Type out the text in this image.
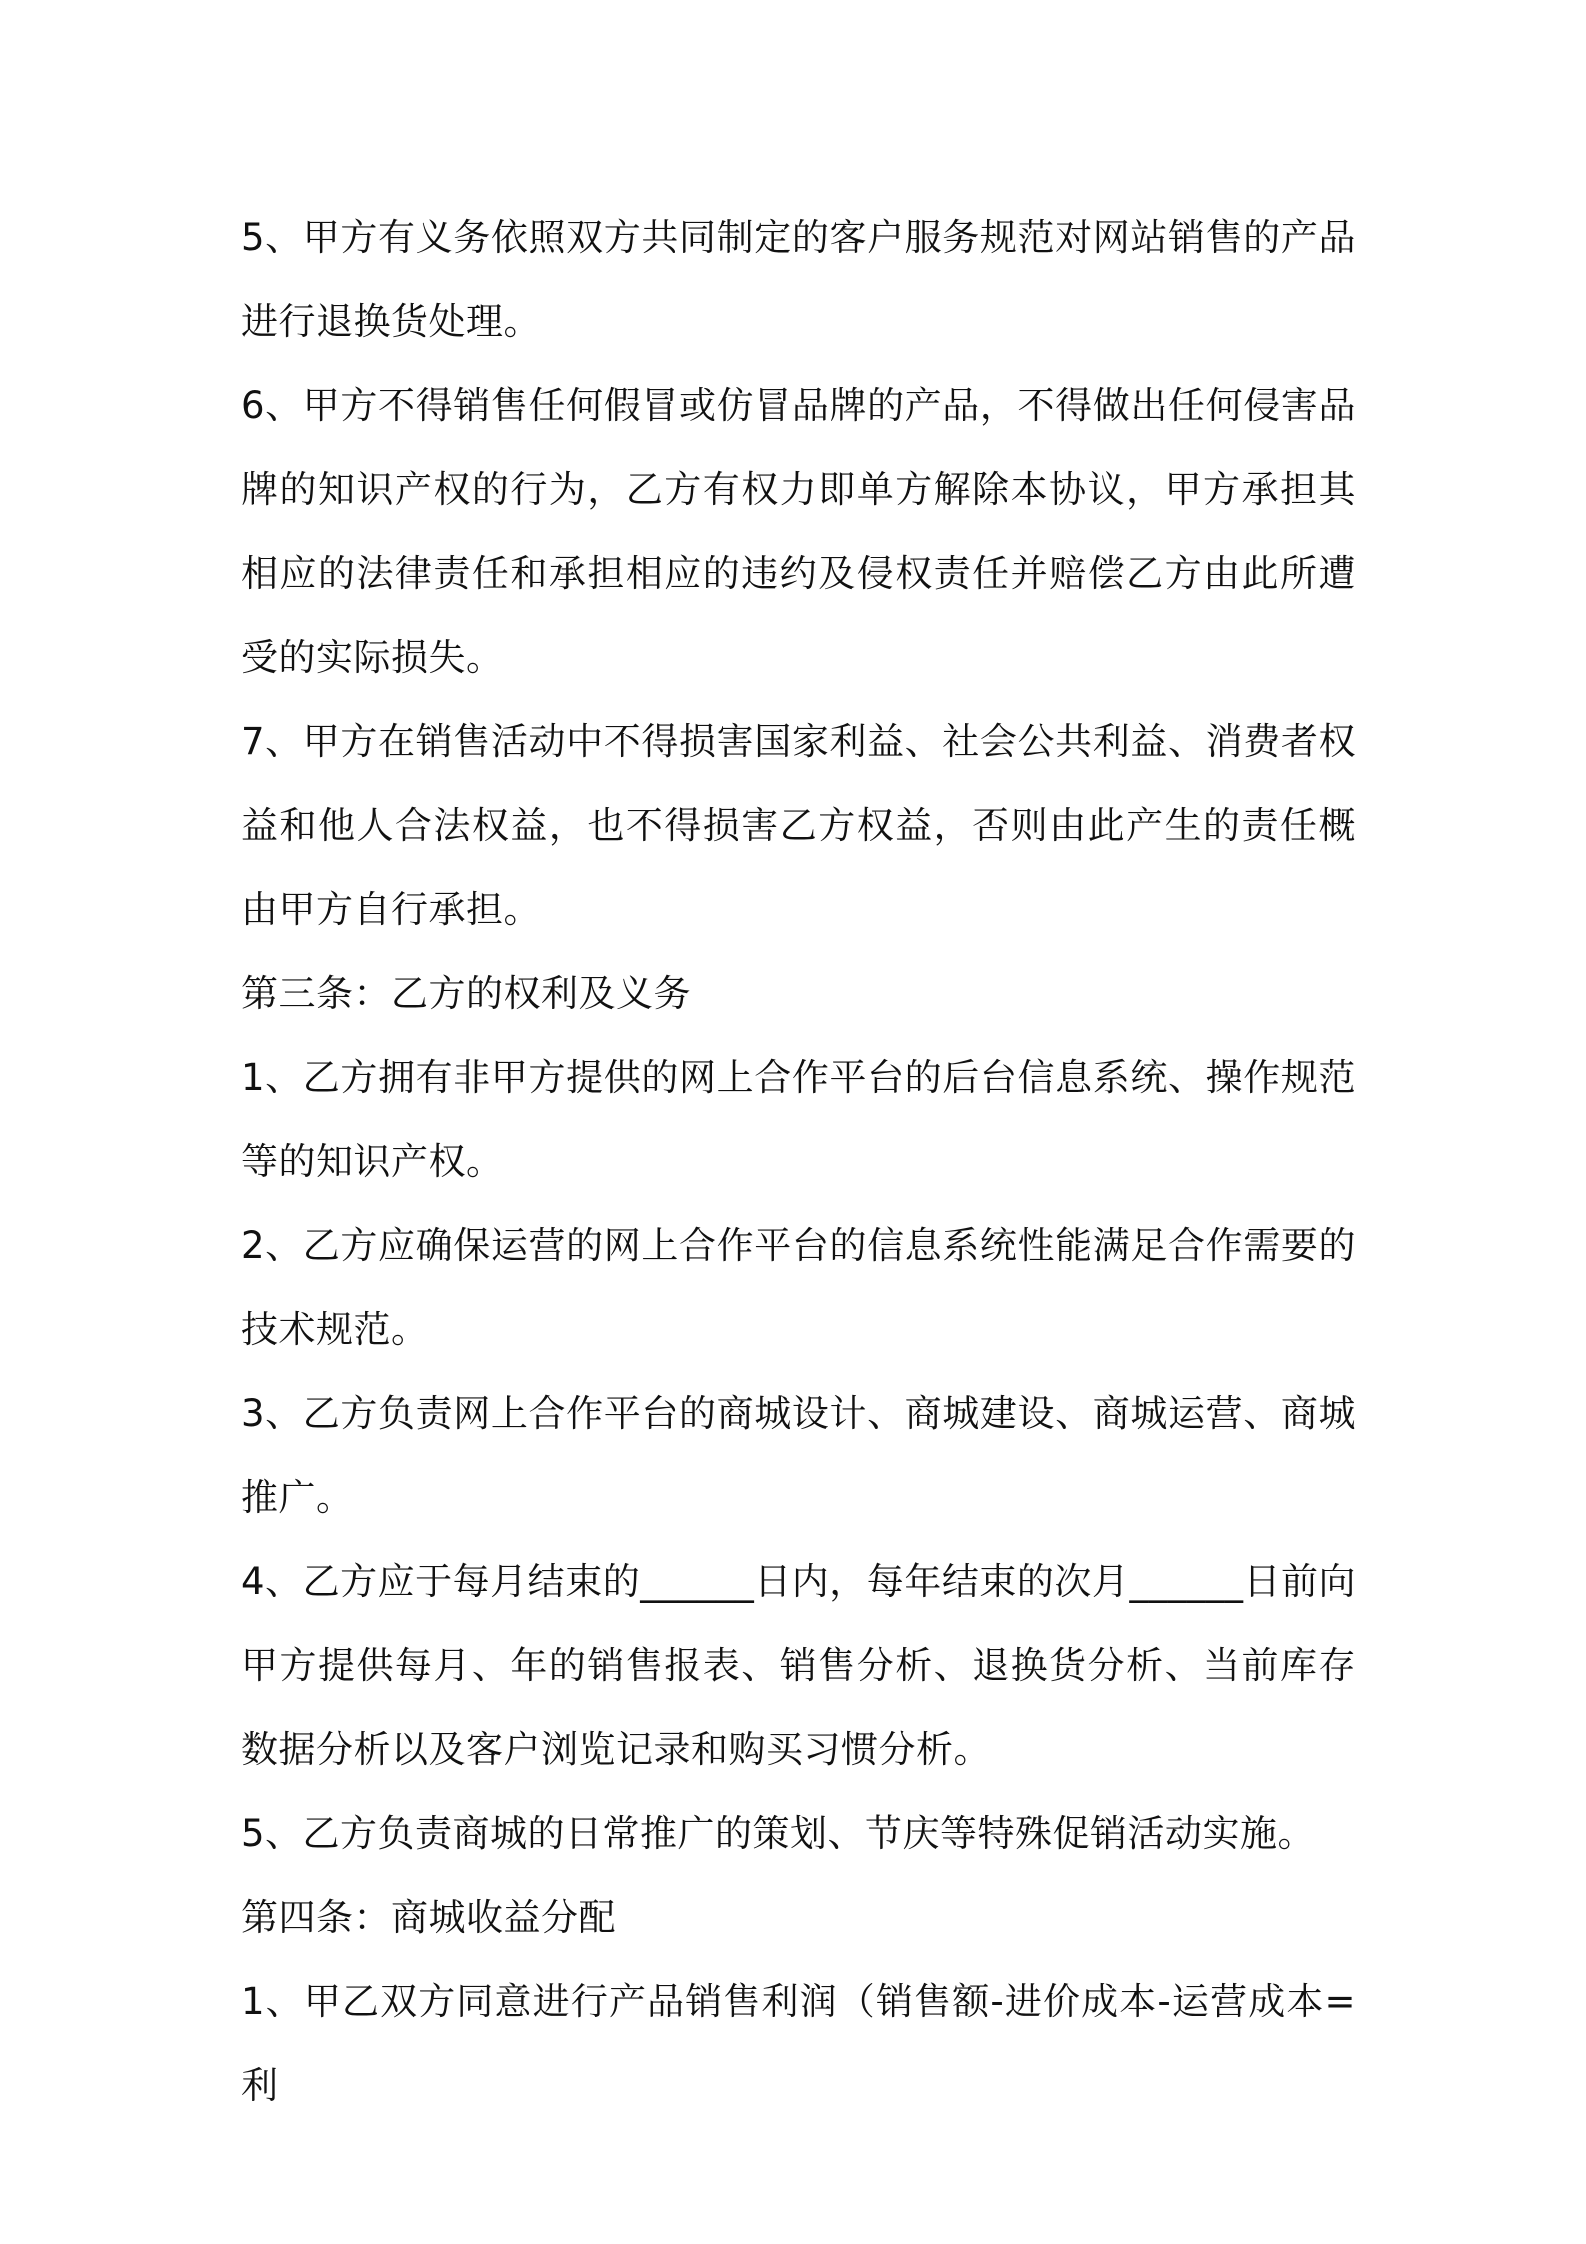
5、甲方有义务依照双方共同制定的客户服务规范对网站销售的产品进行退换货处理。

6、甲方不得销售任何假冒或仿冒品牌的产品，不得做出任何侵害品牌的知识产权的行为，乙方有权力即单方解除本协议，甲方承担其相应的法律责任和承担相应的违约及侵权责任并赔偿乙方由此所遭受的实际损失。

7、甲方在销售活动中不得损害国家利益、社会公共利益、消费者权益和他人合法权益，也不得损害乙方权益，否则由此产生的责任概由甲方自行承担。

第三条：乙方的权利及义务

1、乙方拥有非甲方提供的网上合作平台的后台信息系统、操作规范等的知识产权。

2、乙方应确保运营的网上合作平台的信息系统性能满足合作需要的技术规范。

3、乙方负责网上合作平台的商城设计、商城建设、商城运营、商城推广。

4、乙方应于每月结束的______日内，每年结束的次月______日前向甲方提供每月、年的销售报表、销售分析、退换货分析、当前库存数据分析以及客户浏览记录和购买习惯分析。

5、乙方负责商城的日常推广的策划、节庆等特殊促销活动实施。

第四条：商城收益分配

1、甲乙双方同意进行产品销售利润（销售额-进价成本-运营成本=利
